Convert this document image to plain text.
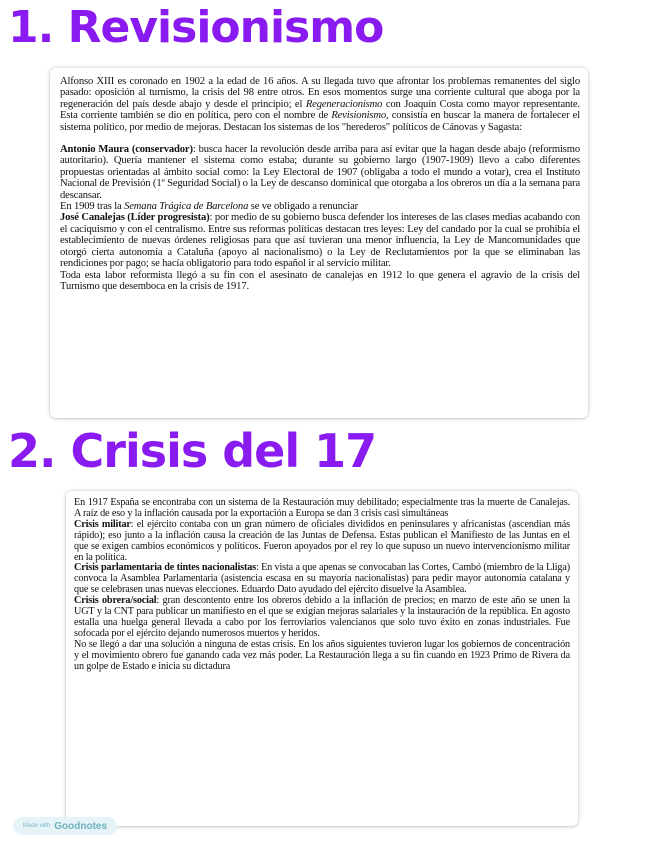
1. Revisionismo

Alfonso XIII es coronado en 1902 a la edad de 16 años. A su llegada tuvo que afrontar los problemas remanentes del siglo pasado: oposición al turnismo, la crisis del 98 entre otros. En esos momentos surge una corriente cultural que aboga por la regeneración del país desde abajo y desde el principio; el Regeneracionismo con Joaquín Costa como mayor representante. Esta corriente también se dio en política, pero con el nombre de Revisionismo, consistía en buscar la manera de fortalecer el sistema político, por medio de mejoras. Destacan los sistemas de los "herederos" políticos de Cánovas y Sagasta:

Antonio Maura (conservador): busca hacer la revolución desde arriba para así evitar que la hagan desde abajo (reformismo autoritario). Quería mantener el sistema como estaba; durante su gobierno largo (1907-1909) llevo a cabo diferentes propuestas orientadas al ámbito social como: la Ley Electoral de 1907 (obligaba a todo el mundo a votar), crea el Instituto Nacional de Previsión (1º Seguridad Social) o la Ley de descanso dominical que otorgaba a los obreros un día a la semana para descansar.

En 1909 tras la Semana Trágica de Barcelona se ve obligado a renunciar

José Canalejas (Líder progresista): por medio de su gobierno busca defender los intereses de las clases medias acabando con el caciquismo y con el centralismo. Entre sus reformas políticas destacan tres leyes: Ley del candado por la cual se prohibía el establecimiento de nuevas órdenes religiosas para que así tuvieran una menor influencia, la Ley de Mancomunidades que otorgó cierta autonomía a Cataluña (apoyo al nacionalismo) o la Ley de Reclutamientos por la que se eliminaban las rendiciones por pago; se hacía obligatorio para todo español ir al servicio militar.

Toda esta labor reformista llegó a su fin con el asesinato de canalejas en 1912 lo que genera el agravio de la crisis del Turnismo que desemboca en la crisis de 1917.

2. Crisis del 17

En 1917 España se encontraba con un sistema de la Restauración muy debilitado; especialmente tras la muerte de Canalejas. A raíz de eso y la inflación causada por la exportación a Europa se dan 3 crisis casi simultáneas

Crisis militar: el ejército contaba con un gran número de oficiales divididos en peninsulares y africanistas (ascendían más rápido); eso junto a la inflación causa la creación de las Juntas de Defensa. Estas publican el Manifiesto de las Juntas en el que se exigen cambios económicos y políticos. Fueron apoyados por el rey lo que supuso un nuevo intervencionismo militar en la política.

Crisis parlamentaria de tintes nacionalistas: En vista a que apenas se convocaban las Cortes, Cambó (miembro de la Lliga) convoca la Asamblea Parlamentaria (asistencia escasa en su mayoría nacionalistas) para pedir mayor autonomía catalana y que se celebrasen unas nuevas elecciones. Eduardo Dato ayudado del ejército disuelve la Asamblea.

Crisis obrera/social: gran descontento entre los obreros debido a la inflación de precios; en marzo de este año se unen la UGT y la CNT para publicar un manifiesto en el que se exigían mejoras salariales y la instauración de la república. En agosto estalla una huelga general llevada a cabo por los ferroviarios valencianos que solo tuvo éxito en zonas industriales. Fue sofocada por el ejército dejando numerosos muertos y heridos.

No se llegó a dar una solución a ninguna de estas crisis. En los años siguientes tuvieron lugar los gobiernos de concentración y el movimiento obrero fue ganando cada vez más poder. La Restauración llega a su fin cuando en 1923 Primo de Rivera da un golpe de Estado e inicia su dictadura

Made with Goodnotes
